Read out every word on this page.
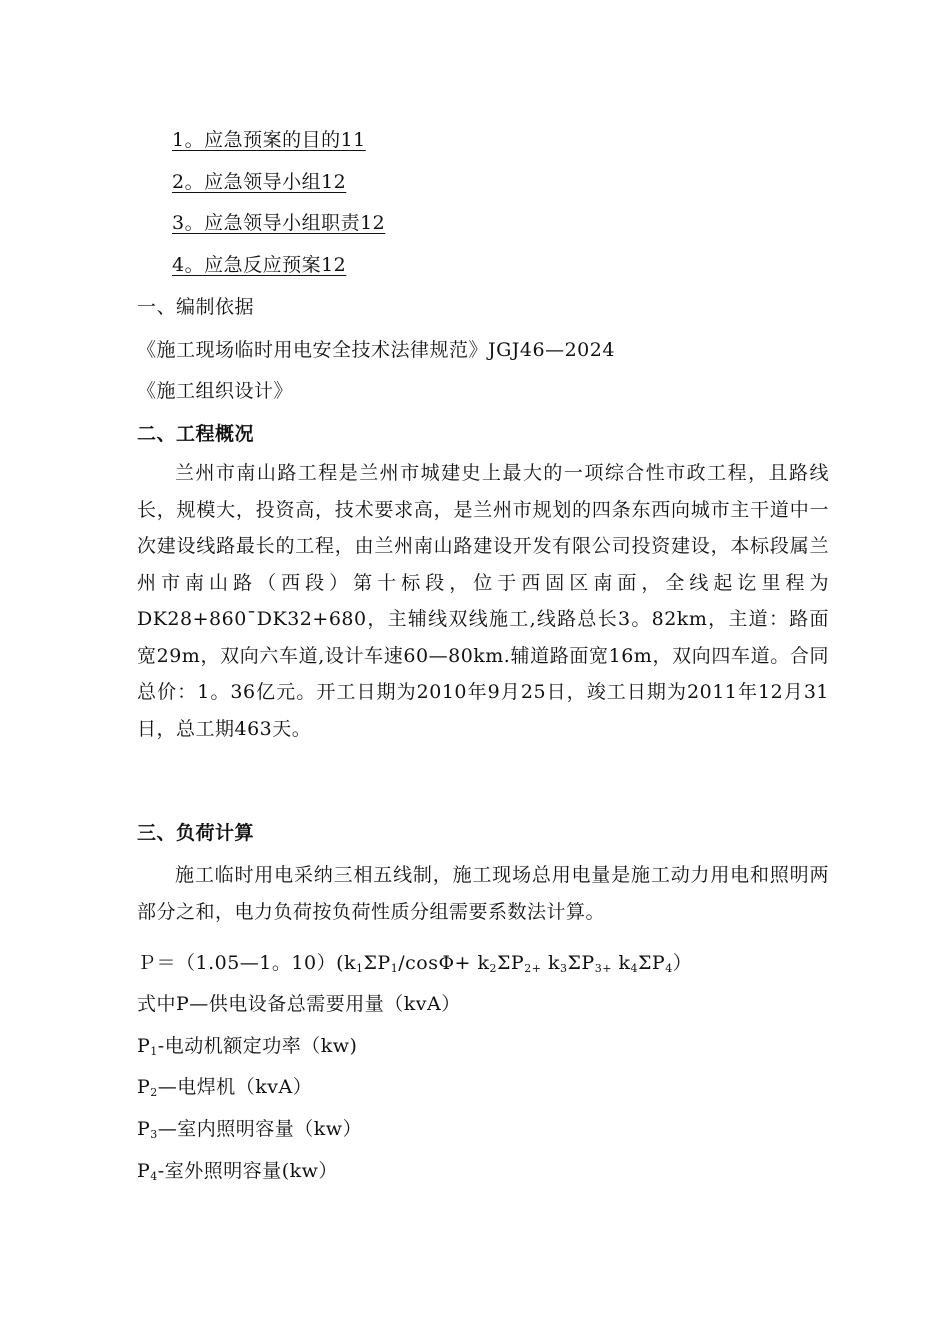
1。应急预案的目的11
2。应急领导小组12
3。应急领导小组职责12
4。应急反应预案12
一、编制依据
《施工现场临时用电安全技术法律规范》JGJ46—2024
《施工组织设计》
二、工程概况
兰州市南山路工程是兰州市城建史上最大的一项综合性市政工程，且路线长，规模大，投资高，技术要求高，是兰州市规划的四条东西向城市主干道中一次建设线路最长的工程，由兰州南山路建设开发有限公司投资建设，本标段属兰州市南山路（西段）第十标段，位于西固区南面，全线起讫里程为DK28+860¯DK32+680，主辅线双线施工,线路总长3。82km，主道：路面宽29m，双向六车道,设计车速60—80km.辅道路面宽16m，双向四车道。合同总价：1。36亿元。开工日期为2010年9月25日，竣工日期为2011年12月31日，总工期463天。
三、负荷计算
施工临时用电采纳三相五线制，施工现场总用电量是施工动力用电和照明两部分之和，电力负荷按负荷性质分组需要系数法计算。
Ｐ＝（1.05—1。$10)(k_1\Sigma P_1/\cos\Phi+ k_2\Sigma P_{2+}$ $k_3\Sigma P_{3+}$ $k_4\Sigma P_4$）
式中P—供电设备总需要用量（kvA）
$P_1-$电动机额定功率（kw)
$P_2—$电焊机（kvA）
$P_3—$室内照明容量（kw）
$P_4-$室外照明容量(kw）
